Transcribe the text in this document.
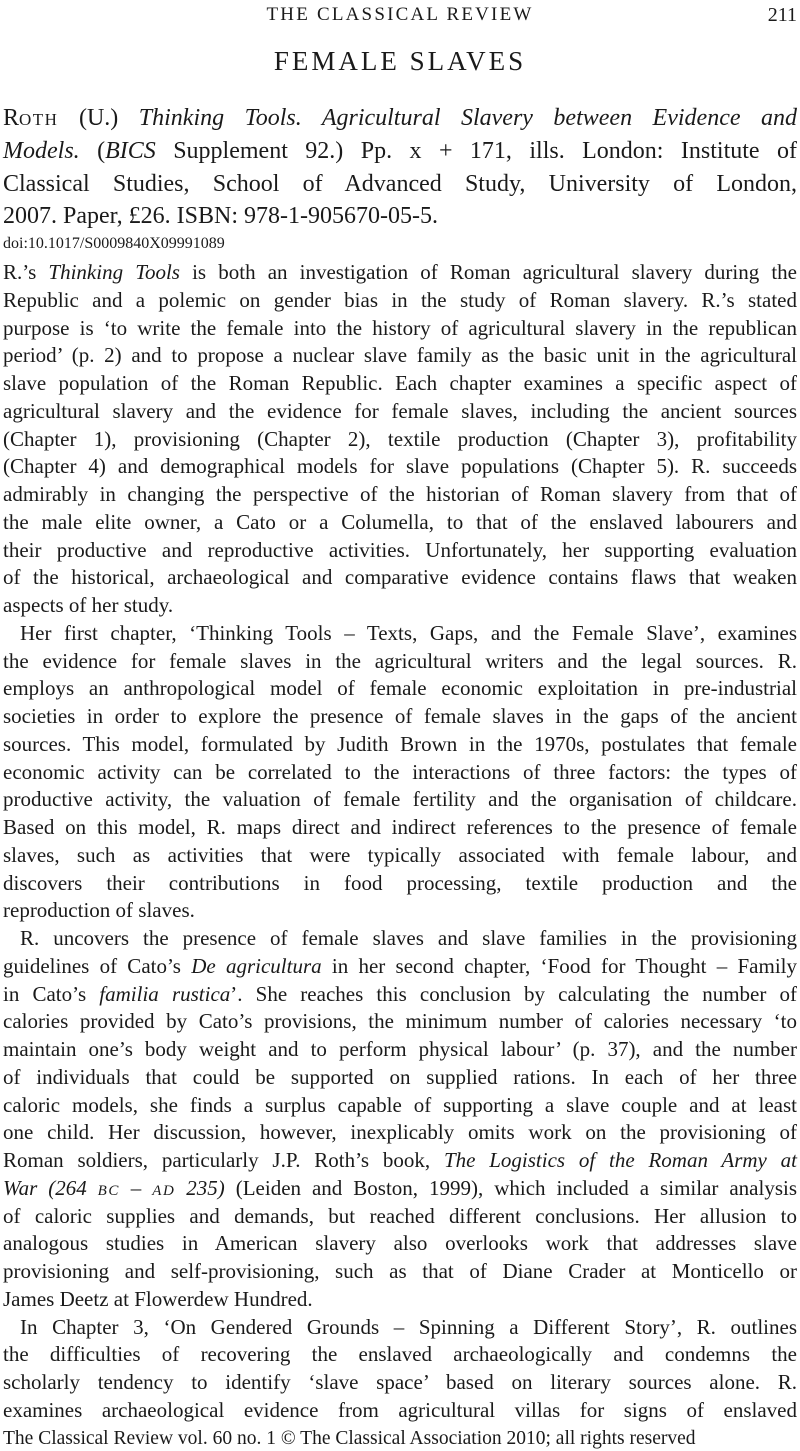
THE CLASSICAL REVIEW	211
FEMALE SLAVES
Roth (U.) Thinking Tools. Agricultural Slavery between Evidence and
Models. (BICS Supplement 92.) Pp. x + 171, ills. London: Institute of
Classical Studies, School of Advanced Study, University of London,
2007. Paper, £26. ISBN: 978-1-905670-05-5.
doi:10.1017/S0009840X09991089
R.’s Thinking Tools is both an investigation of Roman agricultural slavery during the
Republic and a polemic on gender bias in the study of Roman slavery. R.’s stated
purpose is ‘to write the female into the history of agricultural slavery in the republican
period’ (p. 2) and to propose a nuclear slave family as the basic unit in the agricultural
slave population of the Roman Republic. Each chapter examines a specific aspect of
agricultural slavery and the evidence for female slaves, including the ancient sources
(Chapter 1), provisioning (Chapter 2), textile production (Chapter 3), profitability
(Chapter 4) and demographical models for slave populations (Chapter 5). R. succeeds
admirably in changing the perspective of the historian of Roman slavery from that of
the male elite owner, a Cato or a Columella, to that of the enslaved labourers and
their productive and reproductive activities. Unfortunately, her supporting evaluation
of the historical, archaeological and comparative evidence contains flaws that weaken
aspects of her study.
Her first chapter, ‘Thinking Tools – Texts, Gaps, and the Female Slave’, examines
the evidence for female slaves in the agricultural writers and the legal sources. R.
employs an anthropological model of female economic exploitation in pre-industrial
societies in order to explore the presence of female slaves in the gaps of the ancient
sources. This model, formulated by Judith Brown in the 1970s, postulates that female
economic activity can be correlated to the interactions of three factors: the types of
productive activity, the valuation of female fertility and the organisation of childcare.
Based on this model, R. maps direct and indirect references to the presence of female
slaves, such as activities that were typically associated with female labour, and
discovers their contributions in food processing, textile production and the
reproduction of slaves.
R. uncovers the presence of female slaves and slave families in the provisioning
guidelines of Cato’s De agricultura in her second chapter, ‘Food for Thought – Family
in Cato’s familia rustica’. She reaches this conclusion by calculating the number of
calories provided by Cato’s provisions, the minimum number of calories necessary ‘to
maintain one’s body weight and to perform physical labour’ (p. 37), and the number
of individuals that could be supported on supplied rations. In each of her three
caloric models, she finds a surplus capable of supporting a slave couple and at least
one child. Her discussion, however, inexplicably omits work on the provisioning of
Roman soldiers, particularly J.P. Roth’s book, The Logistics of the Roman Army at
War (264 bc – ad 235) (Leiden and Boston, 1999), which included a similar analysis
of caloric supplies and demands, but reached different conclusions. Her allusion to
analogous studies in American slavery also overlooks work that addresses slave
provisioning and self-provisioning, such as that of Diane Crader at Monticello or
James Deetz at Flowerdew Hundred.
In Chapter 3, ‘On Gendered Grounds – Spinning a Different Story’, R. outlines
the difficulties of recovering the enslaved archaeologically and condemns the
scholarly tendency to identify ‘slave space’ based on literary sources alone. R.
examines archaeological evidence from agricultural villas for signs of enslaved
The Classical Review vol. 60 no. 1 © The Classical Association 2010; all rights reserved
